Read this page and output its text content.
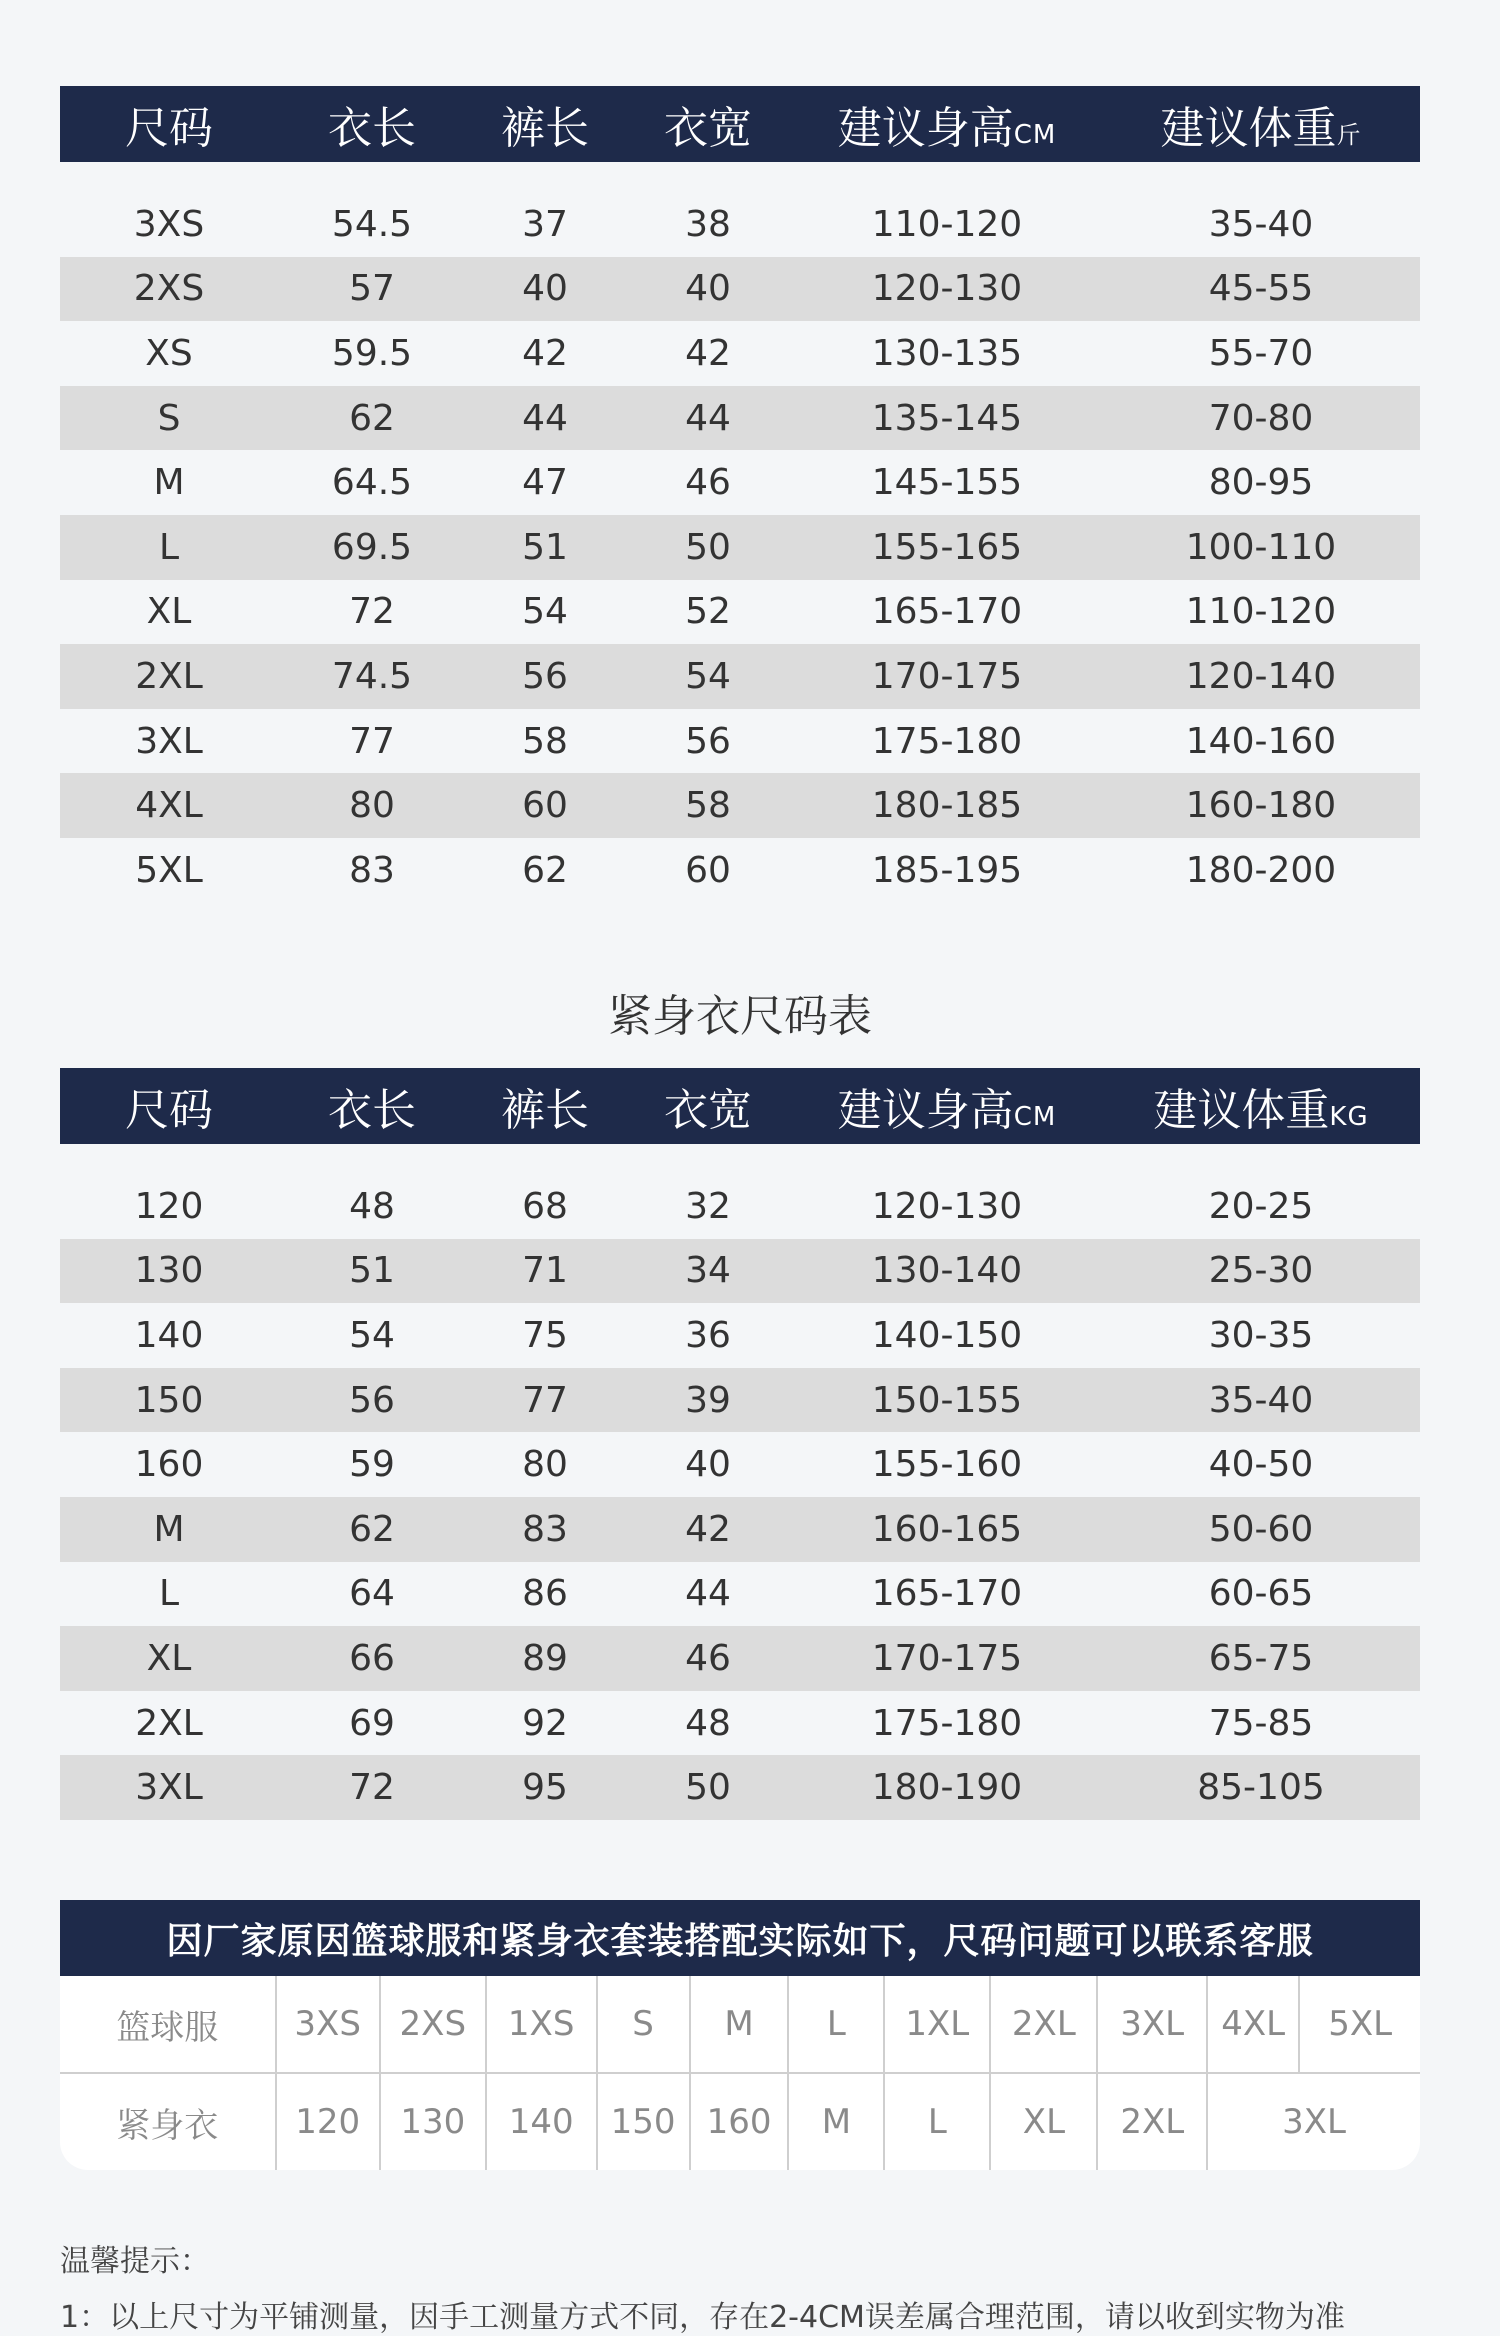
尺码	衣长	裤长	衣宽	建议身高CM	建议体重斤
3XS	54.5	37	38	110-120	35-40
2XS	57	40	40	120-130	45-55
XS	59.5	42	42	130-135	55-70
S	62	44	44	135-145	70-80
M	64.5	47	46	145-155	80-95
L	69.5	51	50	155-165	100-110
XL	72	54	52	165-170	110-120
2XL	74.5	56	54	170-175	120-140
3XL	77	58	56	175-180	140-160
4XL	80	60	58	180-185	160-180
5XL	83	62	60	185-195	180-200
紧身衣尺码表
尺码	衣长	裤长	衣宽	建议身高CM	建议体重KG
120	48	68	32	120-130	20-25
130	51	71	34	130-140	25-30
140	54	75	36	140-150	30-35
150	56	77	39	150-155	35-40
160	59	80	40	155-160	40-50
M	62	83	42	160-165	50-60
L	64	86	44	165-170	60-65
XL	66	89	46	170-175	65-75
2XL	69	92	48	175-180	75-85
3XL	72	95	50	180-190	85-105
因厂家原因篮球服和紧身衣套装搭配实际如下，尺码问题可以联系客服
篮球服	3XS	2XS	1XS	S	M	L	1XL	2XL	3XL	4XL	5XL
紧身衣	120	130	140	150 160	M	L	XL	2XL	3XL
温馨提示：
1：以上尺寸为平铺测量，因手工测量方式不同，存在2-4CM误差属合理范围，请以收到实物为准
